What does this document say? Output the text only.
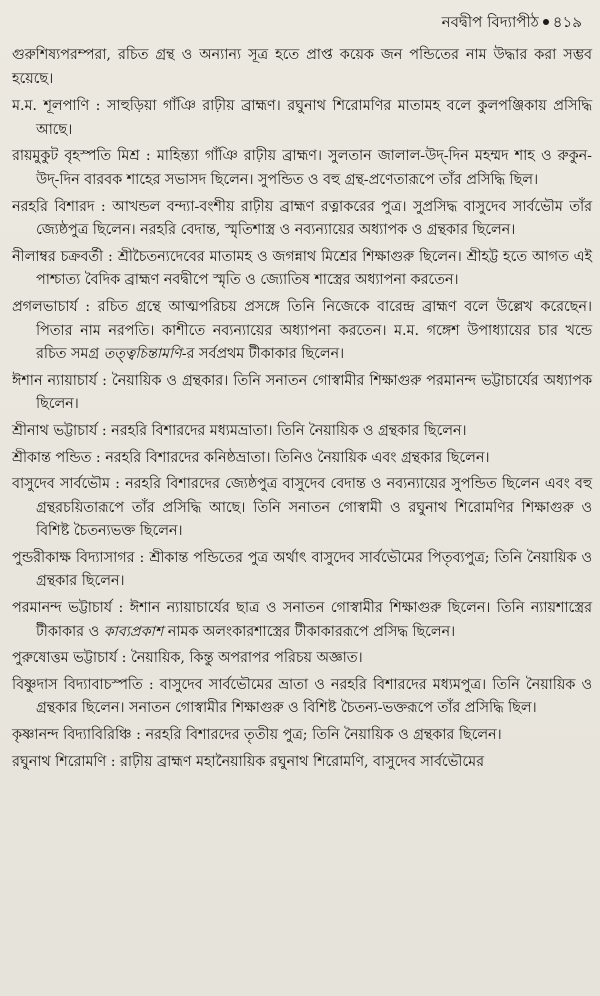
নবদ্বীপ বিদ্যাপীঠ ৪১৯

গুরুশিষ্যপরম্পরা, রচিত গ্রন্থ ও অন্যান্য সূত্র হতে প্রাপ্ত কয়েক জন পন্ডিতের নাম উদ্ধার করা সম্ভব হয়েছে।

ম.ম. শূলপাণি : সাহুড়িয়া গাঁঞি রাঢ়ীয় ব্রাহ্মণ। রঘুনাথ শিরোমণির মাতামহ বলে কুলপঞ্জিকায় প্রসিদ্ধি আছে।

রায়মুকুট বৃহস্পতি মিশ্র : মাহিন্ত্যা গাঁঞি রাঢ়ীয় ব্রাহ্মণ। সুলতান জালাল-উদ্-দিন মহম্মদ শাহ ও রুকুন-উদ্-দিন বারবক শাহের সভাসদ ছিলেন। সুপন্ডিত ও বহু গ্রন্থ-প্রণেতারূপে তাঁর প্রসিদ্ধি ছিল।

নরহরি বিশারদ : আখন্ডল বন্দ্যা-বংশীয় রাঢ়ীয় ব্রাহ্মণ রত্নাকরের পুত্র। সুপ্রসিদ্ধ বাসুদেব সার্বভৌম তাঁর জ্যেষ্ঠপুত্র ছিলেন। নরহরি বেদান্ত, স্মৃতিশাস্ত্র ও নব্যন্যায়ের অধ্যাপক ও গ্রন্থকার ছিলেন।

নীলাম্বর চক্রবর্তী : শ্রীচৈতন্যদেবের মাতামহ ও জগন্নাথ মিশ্রের শিক্ষাগুরু ছিলেন। শ্রীহট্ট হতে আগত এই পাশ্চাত্য বৈদিক ব্রাহ্মণ নবদ্বীপে স্মৃতি ও জ্যোতিষ শাস্ত্রের অধ্যাপনা করতেন।

প্রগলভাচার্য : রচিত গ্রন্থে আত্মপরিচয় প্রসঙ্গে তিনি নিজেকে বারেন্দ্র ব্রাহ্মণ বলে উল্লেখ করেছেন। পিতার নাম নরপতি। কাশীতে নব্যন্যায়ের অধ্যাপনা করতেন। ম.ম. গঙ্গেশ উপাধ্যায়ের চার খন্ডে রচিত সমগ্র তত্ত্বচিন্তামণি-র সর্বপ্রথম টীকাকার ছিলেন।

ঈশান ন্যায়াচার্য : নৈয়ায়িক ও গ্রন্থকার। তিনি সনাতন গোস্বামীর শিক্ষাগুরু পরমানন্দ ভট্টাচার্যের অধ্যাপক ছিলেন।

শ্রীনাথ ভট্টাচার্য : নরহরি বিশারদের মধ্যমভ্রাতা। তিনি নৈয়ায়িক ও গ্রন্থকার ছিলেন।

শ্রীকান্ত পন্ডিত : নরহরি বিশারদের কনিষ্ঠভ্রাতা। তিনিও নৈয়ায়িক এবং গ্রন্থকার ছিলেন।

বাসুদেব সার্বভৌম : নরহরি বিশারদের জ্যেষ্ঠপুত্র বাসুদেব বেদান্ত ও নব্যন্যায়ের সুপন্ডিত ছিলেন এবং বহু গ্রন্থরচয়িতারূপে তাঁর প্রসিদ্ধি আছে। তিনি সনাতন গোস্বামী ও রঘুনাথ শিরোমণির শিক্ষাগুরু ও বিশিষ্ট চৈতন্যভক্ত ছিলেন।

পুন্ডরীকাক্ষ বিদ্যাসাগর : শ্রীকান্ত পন্ডিতের পুত্র অর্থাৎ বাসুদেব সার্বভৌমের পিতৃব্যপুত্র; তিনি নৈয়ায়িক ও গ্রন্থকার ছিলেন।

পরমানন্দ ভট্টাচার্য : ঈশান ন্যায়াচার্যের ছাত্র ও সনাতন গোস্বামীর শিক্ষাগুরু ছিলেন। তিনি ন্যায়শাস্ত্রের টীকাকার ও কাব্যপ্রকাশ নামক অলংকারশাস্ত্রের টীকাকাররূপে প্রসিদ্ধ ছিলেন।

পুরুষোত্তম ভট্টাচার্য : নৈয়ায়িক, কিন্তু অপরাপর পরিচয় অজ্ঞাত।

বিষ্ণুদাস বিদ্যাবাচস্পতি : বাসুদেব সার্বভৌমের ভ্রাতা ও নরহরি বিশারদের মধ্যমপুত্র। তিনি নৈয়ায়িক ও গ্রন্থকার ছিলেন। সনাতন গোস্বামীর শিক্ষাগুরু ও বিশিষ্ট চৈতন্য-ভক্তরূপে তাঁর প্রসিদ্ধি ছিল।

কৃষ্ণানন্দ বিদ্যাবিরিঞ্চি : নরহরি বিশারদের তৃতীয় পুত্র; তিনি নৈয়ায়িক ও গ্রন্থকার ছিলেন।

রঘুনাথ শিরোমণি : রাঢ়ীয় ব্রাহ্মণ মহানৈয়ায়িক রঘুনাথ শিরোমণি, বাসুদেব সার্বভৌমের
